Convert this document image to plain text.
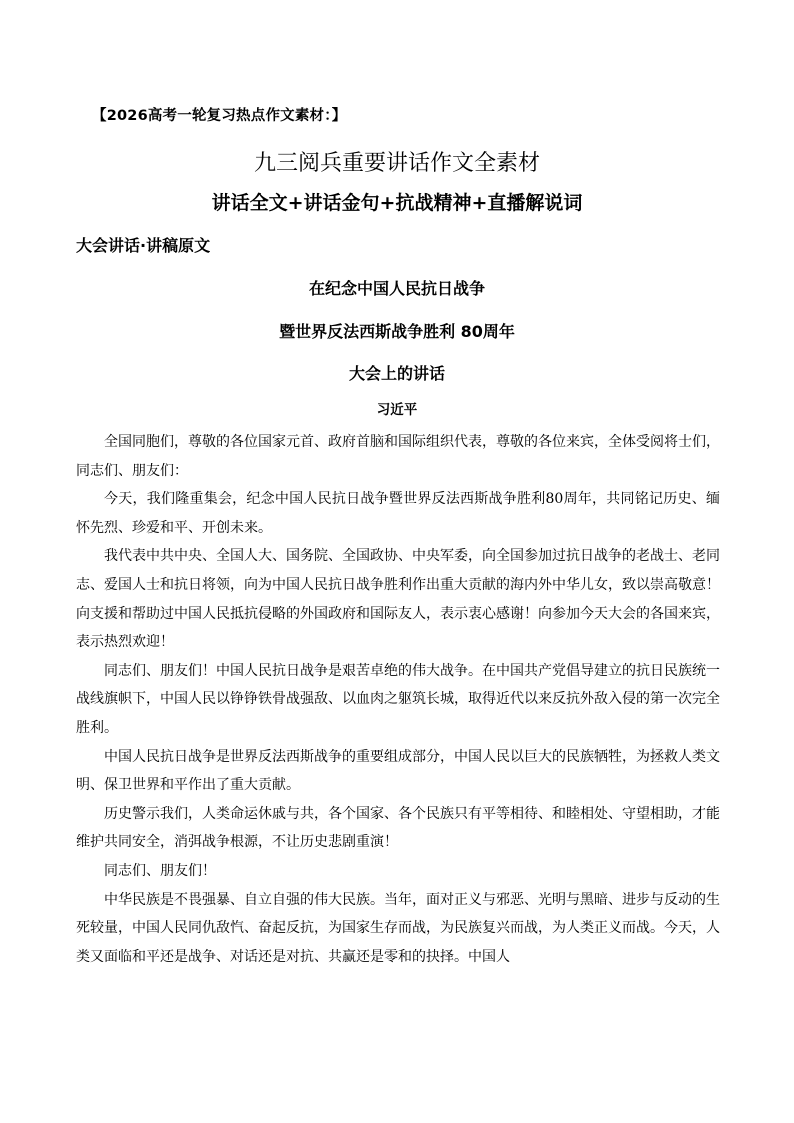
【2026高考一轮复习热点作文素材：】
九三阅兵重要讲话作文全素材
讲话全文+讲话金句+抗战精神+直播解说词
大会讲话·讲稿原文
在纪念中国人民抗日战争
暨世界反法西斯战争胜利 80周年
大会上的讲话
习近平

全国同胞们，尊敬的各位国家元首、政府首脑和国际组织代表，尊敬的各位来宾，全体受阅将士们，同志们、朋友们：

今天，我们隆重集会，纪念中国人民抗日战争暨世界反法西斯战争胜利80周年，共同铭记历史、缅怀先烈、珍爱和平、开创未来。

我代表中共中央、全国人大、国务院、全国政协、中央军委，向全国参加过抗日战争的老战士、老同志、爱国人士和抗日将领，向为中国人民抗日战争胜利作出重大贡献的海内外中华儿女，致以崇高敬意！向支援和帮助过中国人民抵抗侵略的外国政府和国际友人，表示衷心感谢！向参加今天大会的各国来宾，表示热烈欢迎！

同志们、朋友们！中国人民抗日战争是艰苦卓绝的伟大战争。在中国共产党倡导建立的抗日民族统一战线旗帜下，中国人民以铮铮铁骨战强敌、以血肉之躯筑长城，取得近代以来反抗外敌入侵的第一次完全胜利。

中国人民抗日战争是世界反法西斯战争的重要组成部分，中国人民以巨大的民族牺牲，为拯救人类文明、保卫世界和平作出了重大贡献。

历史警示我们，人类命运休戚与共，各个国家、各个民族只有平等相待、和睦相处、守望相助，才能维护共同安全，消弭战争根源，不让历史悲剧重演！

同志们、朋友们！

中华民族是不畏强暴、自立自强的伟大民族。当年，面对正义与邪恶、光明与黑暗、进步与反动的生死较量，中国人民同仇敌忾、奋起反抗，为国家生存而战，为民族复兴而战，为人类正义而战。今天，人类又面临和平还是战争、对话还是对抗、共赢还是零和的抉择。中国人
